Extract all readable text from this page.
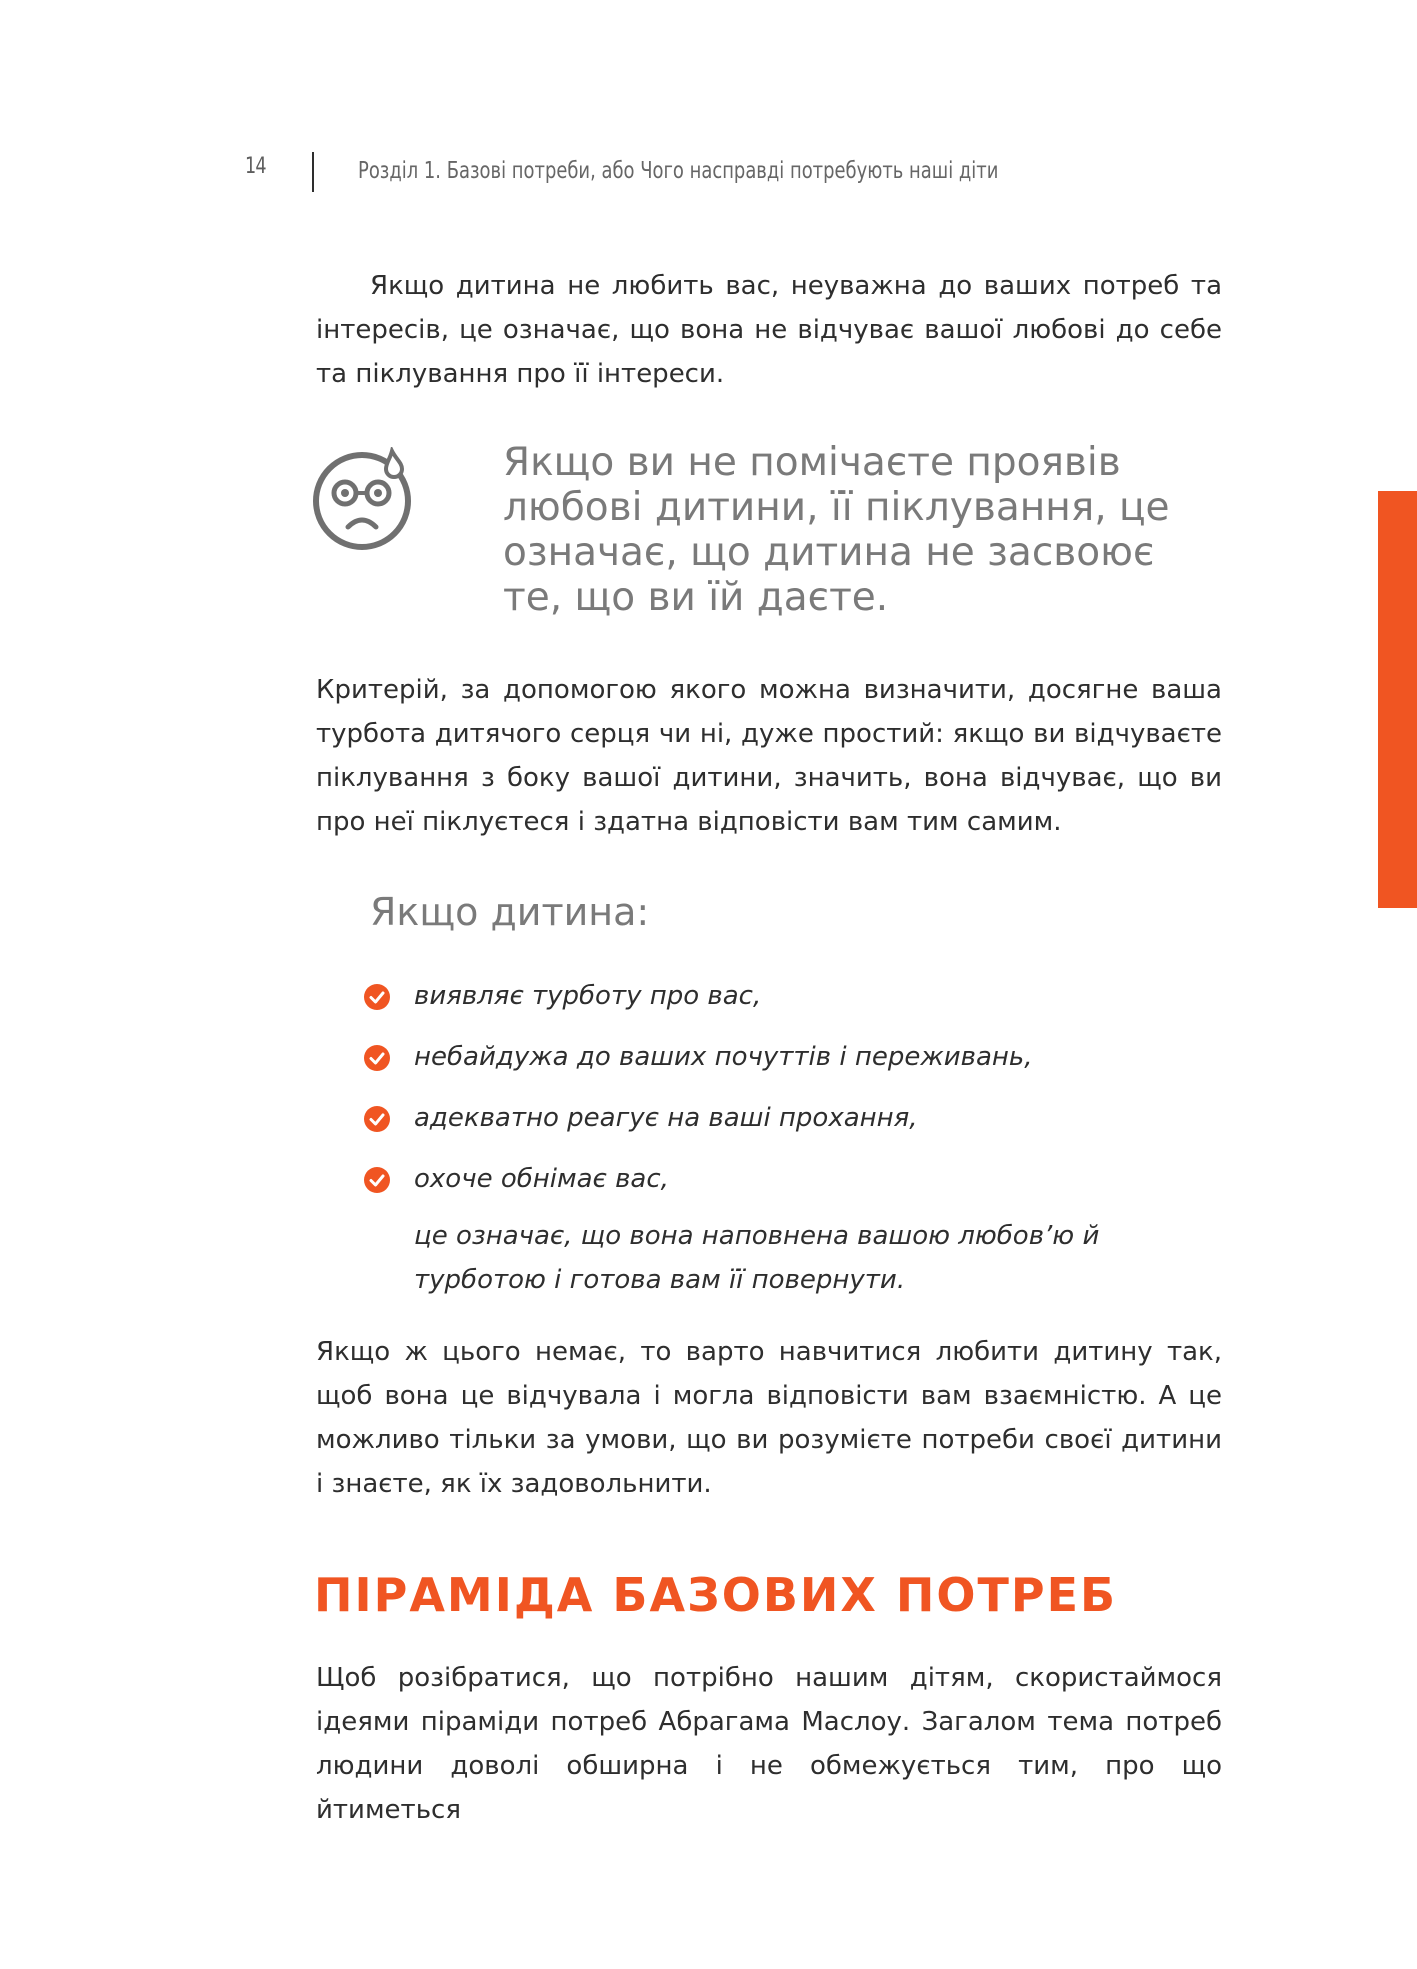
14	Розділ 1. Базові потреби, або Чого насправді потребують наші діти

Якщо дитина не любить вас, неуважна до ваших потреб та інтересів, це означає, що вона не відчуває вашої любові до себе та піклування про її інтереси.

Якщо ви не помічаєте проявів любові дитини, її піклування, це означає, що дитина не засвоює те, що ви їй даєте.

Критерій, за допомогою якого можна визначити, досягне ваша турбота дитячого серця чи ні, дуже простий: якщо ви відчуваєте піклування з боку вашої дитини, значить, вона відчуває, що ви про неї піклуєтеся і здатна відповісти вам тим самим.

Якщо дитина:
виявляє турботу про вас,
небайдужа до ваших почуттів і переживань,
адекватно реагує на ваші прохання,
охоче обнімає вас,

це означає, що вона наповнена вашою любов’ю й турботою і готова вам її повернути.

Якщо ж цього немає, то варто навчитися любити дитину так, щоб вона це відчувала і могла відповісти вам взаємністю. А це можливо тільки за умови, що ви розумієте потреби своєї дитини і знаєте, як їх задовольнити.

ПІРАМІДА БАЗОВИХ ПОТРЕБ

Щоб розібратися, що потрібно нашим дітям, скористаймося ідеями піраміди потреб Абрагама Маслоу. Загалом тема потреб людини доволі обширна і не обмежується тим, про що йтиметься
